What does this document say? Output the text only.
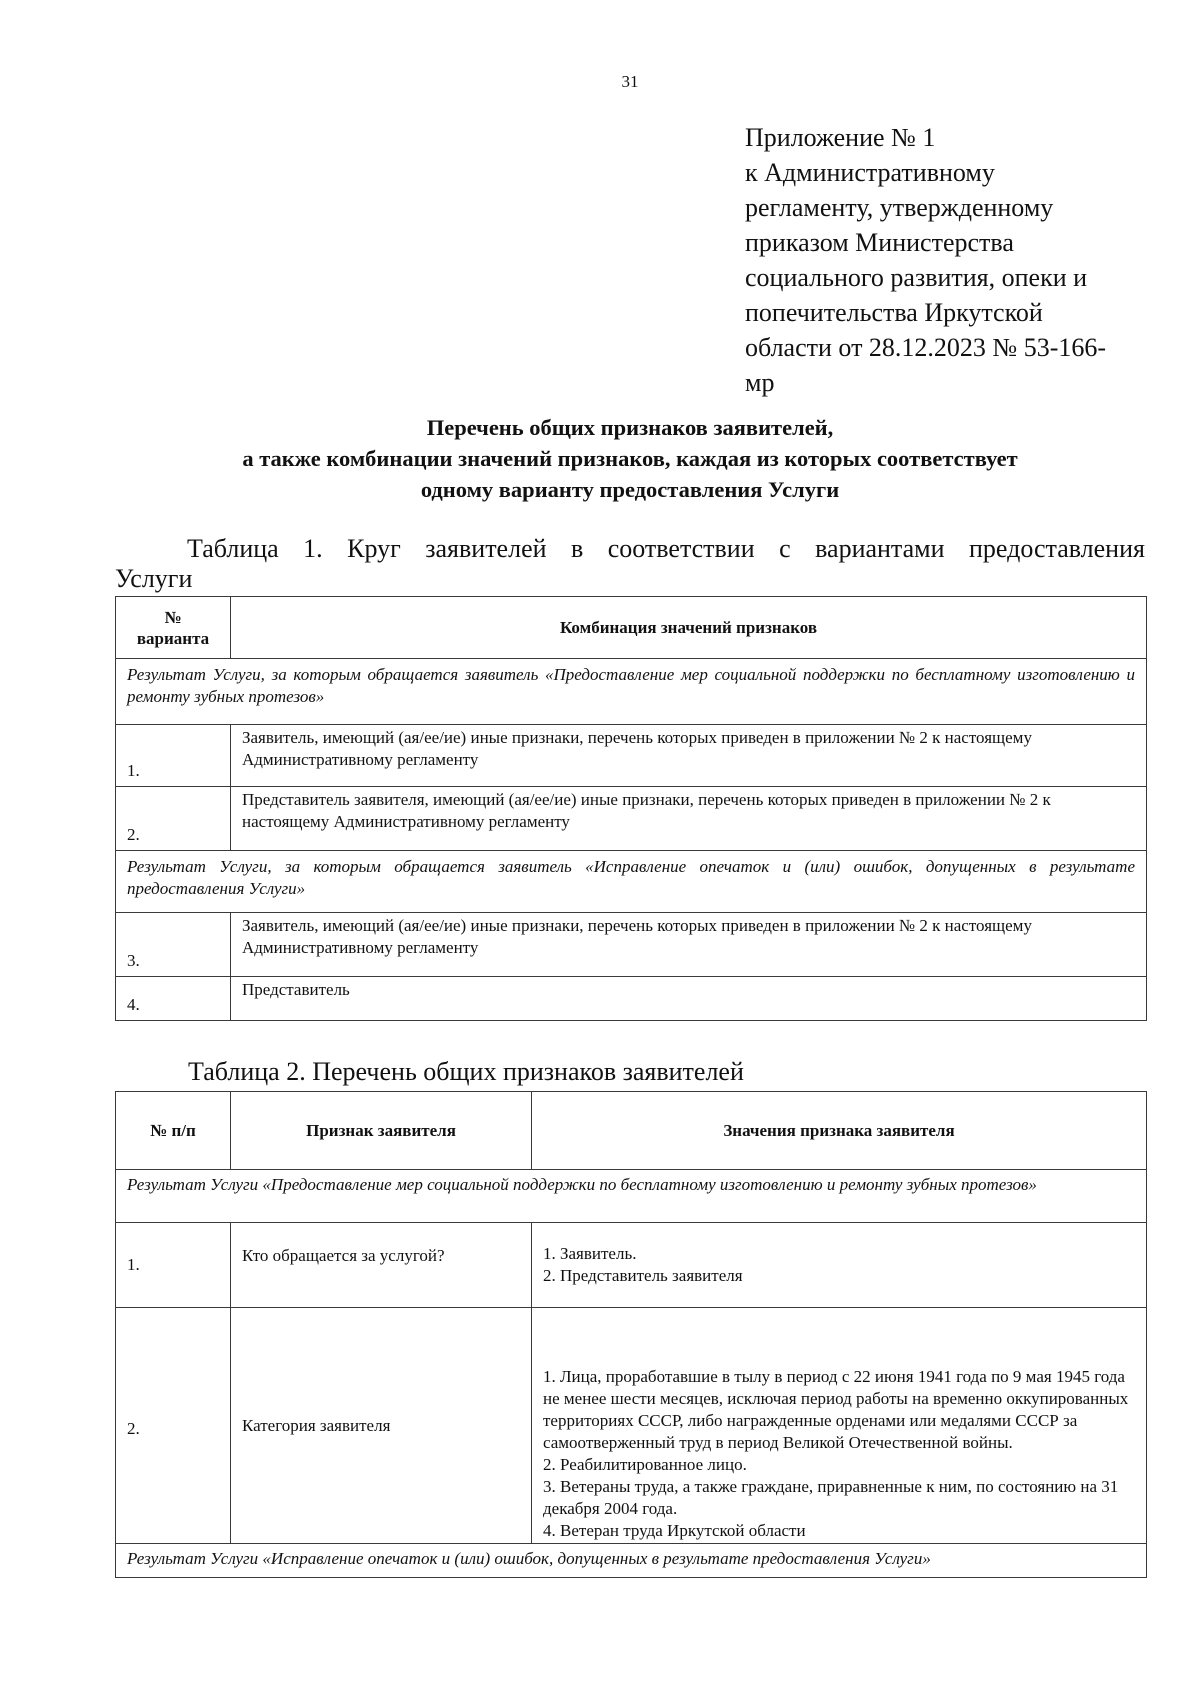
31
Приложение № 1
к Административному
регламенту, утвержденному
приказом Министерства
социального развития, опеки и
попечительства Иркутской
области от 28.12.2023 № 53-166-
мр
Перечень общих признаков заявителей,
а также комбинации значений признаков, каждая из которых соответствует
одному варианту предоставления Услуги
Таблица 1. Круг заявителей в соответствии с вариантами предоставления
Услуги
№
варианта	Комбинация значений признаков
Результат Услуги, за которым обращается заявитель «Предоставление мер социальной поддержки по бесплатному изготовлению и ремонту зубных протезов»	
1.	Заявитель, имеющий (ая/ее/ие) иные признаки, перечень которых приведен в приложении № 2 к настоящему Административному регламенту
2.	Представитель заявителя, имеющий (ая/ее/ие) иные признаки, перечень которых приведен в приложении № 2 к настоящему Административному регламенту
Результат Услуги, за которым обращается заявитель «Исправление опечаток и (или) ошибок, допущенных в результате предоставления Услуги»	
3.	Заявитель, имеющий (ая/ее/ие) иные признаки, перечень которых приведен в приложении № 2 к настоящему Административному регламенту
4.	Представитель
Таблица 2. Перечень общих признаков заявителей
№ п/п	Признак заявителя	Значения признака заявителя
Результат Услуги «Предоставление мер социальной поддержки по бесплатному изготовлению и ремонту зубных протезов»		
1.	Кто обращается за услугой?	1. Заявитель.
2. Представитель заявителя

2.	Категория заявителя	1. Лица, проработавшие в тылу в период с 22 июня 1941 года по 9 мая 1945 года не менее шести месяцев, исключая период работы на временно оккупированных территориях СССР, либо награжденные орденами или медалями СССР за самоотверженный труд в период Великой Отечественной войны.
2. Реабилитированное лицо.
3. Ветераны труда, а также граждане, приравненные к ним, по состоянию на 31 декабря 2004 года.
4. Ветеран труда Иркутской области

Результат Услуги «Исправление опечаток и (или) ошибок, допущенных в результате предоставления Услуги»		
